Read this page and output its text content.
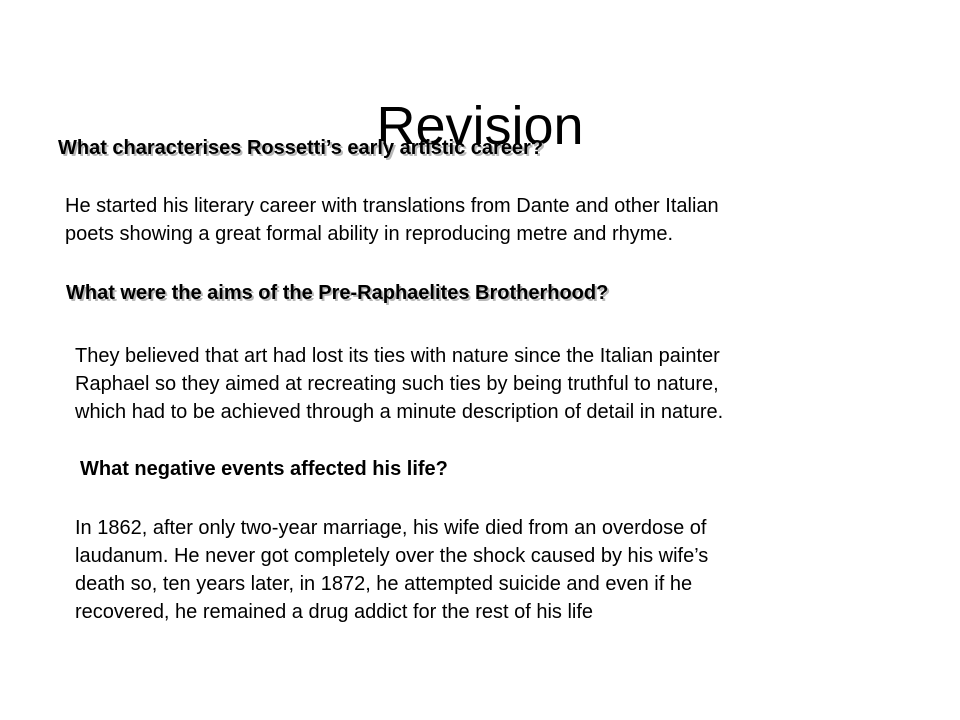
Revision
What characterises Rossetti’s early artistic career?
He started his literary career with translations from Dante and other Italian
poets showing a great formal ability in reproducing metre and rhyme.
What were the aims of the Pre-Raphaelites Brotherhood?
They believed that art had lost its ties with nature since the Italian painter
Raphael so they aimed at recreating such ties by being truthful to nature,
which had to be achieved through a minute description of detail in nature.
What negative events affected his life?
In 1862, after only two-year marriage, his wife died from an overdose of
laudanum. He never got completely over the shock caused by his wife’s
death so, ten years later, in 1872, he attempted suicide and even if he
recovered, he remained a drug addict for the rest of his life
